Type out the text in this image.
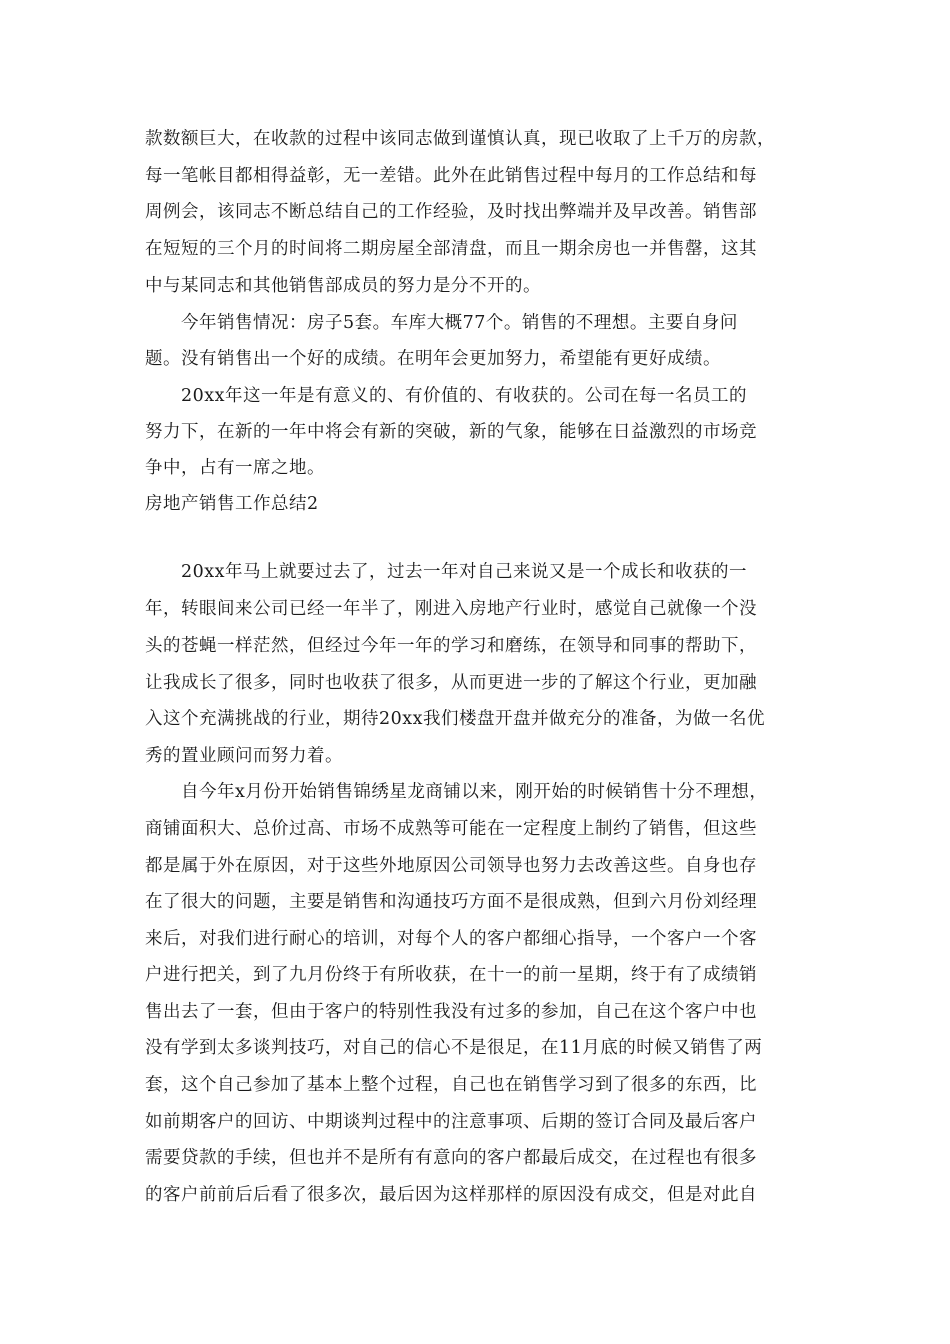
款数额巨大，在收款的过程中该同志做到谨慎认真，现已收取了上千万的房款，
每一笔帐目都相得益彰，无一差错。此外在此销售过程中每月的工作总结和每
周例会，该同志不断总结自己的工作经验，及时找出弊端并及早改善。销售部
在短短的三个月的时间将二期房屋全部清盘，而且一期余房也一并售罄，这其
中与某同志和其他销售部成员的努力是分不开的。
　　今年销售情况：房子5套。车库大概77个。销售的不理想。主要自身问
题。没有销售出一个好的成绩。在明年会更加努力，希望能有更好成绩。
　　20xx年这一年是有意义的、有价值的、有收获的。公司在每一名员工的
努力下，在新的一年中将会有新的突破，新的气象，能够在日益激烈的市场竞
争中，占有一席之地。
房地产销售工作总结2
　　20xx年马上就要过去了，过去一年对自己来说又是一个成长和收获的一
年，转眼间来公司已经一年半了，刚进入房地产行业时，感觉自己就像一个没
头的苍蝇一样茫然，但经过今年一年的学习和磨练，在领导和同事的帮助下，
让我成长了很多，同时也收获了很多，从而更进一步的了解这个行业，更加融
入这个充满挑战的行业，期待20xx我们楼盘开盘并做充分的准备，为做一名优
秀的置业顾问而努力着。
　　自今年x月份开始销售锦绣星龙商铺以来，刚开始的时候销售十分不理想，
商铺面积大、总价过高、市场不成熟等可能在一定程度上制约了销售，但这些
都是属于外在原因，对于这些外地原因公司领导也努力去改善这些。自身也存
在了很大的问题，主要是销售和沟通技巧方面不是很成熟，但到六月份刘经理
来后，对我们进行耐心的培训，对每个人的客户都细心指导，一个客户一个客
户进行把关，到了九月份终于有所收获，在十一的前一星期，终于有了成绩销
售出去了一套，但由于客户的特别性我没有过多的参加，自己在这个客户中也
没有学到太多谈判技巧，对自己的信心不是很足，在11月底的时候又销售了两
套，这个自己参加了基本上整个过程，自己也在销售学习到了很多的东西，比
如前期客户的回访、中期谈判过程中的注意事项、后期的签订合同及最后客户
需要贷款的手续，但也并不是所有有意向的客户都最后成交，在过程也有很多
的客户前前后后看了很多次，最后因为这样那样的原因没有成交，但是对此自
